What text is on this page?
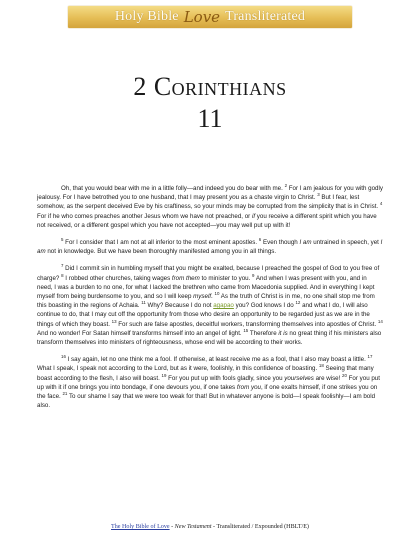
Holy Bible Love Transliterated
2 Corinthians
11

Oh, that you would bear with me in a little folly—and indeed you do bear with me. $^2$ For I am jealous for you with godly jealousy. For I have betrothed you to one husband, that I may present you as a chaste virgin to Christ. $^3$ But I fear, lest somehow, as the serpent deceived Eve by his craftiness, so your minds may be corrupted from the simplicity that is in Christ. $^4$ For if he who comes preaches another Jesus whom we have not preached, or if you receive a different spirit which you have not received, or a different gospel which you have not accepted—you may well put up with it!

$^5$ For I consider that I am not at all inferior to the most eminent apostles. $^6$ Even though I am untrained in speech, yet I am not in knowledge. But we have been thoroughly manifested among you in all things.

$^7$ Did I commit sin in humbling myself that you might be exalted, because I preached the gospel of God to you free of charge? $^8$ I robbed other churches, taking wages from them to minister to you. $^9$ And when I was present with you, and in need, I was a burden to no one, for what I lacked the brethren who came from Macedonia supplied. And in everything I kept myself from being burdensome to you, and so I will keep myself. $^{10}$ As the truth of Christ is in me, no one shall stop me from this boasting in the regions of Achaia. $^{11}$ Why? Because I do not agapao you? God knows I do $^{12}$ and what I do, I will also continue to do, that I may cut off the opportunity from those who desire an opportunity to be regarded just as we are in the things of which they boast. $^{13}$ For such are false apostles, deceitful workers, transforming themselves into apostles of Christ. $^{14}$ And no wonder! For Satan himself transforms himself into an angel of light. $^{15}$ Therefore it is no great thing if his ministers also transform themselves into ministers of righteousness, whose end will be according to their works.

$^{16}$ I say again, let no one think me a fool. If otherwise, at least receive me as a fool, that I also may boast a little. $^{17}$ What I speak, I speak not according to the Lord, but as it were, foolishly, in this confidence of boasting. $^{18}$ Seeing that many boast according to the flesh, I also will boast. $^{19}$ For you put up with fools gladly, since you yourselves are wise! $^{20}$ For you put up with it if one brings you into bondage, if one devours you, if one takes from you, if one exalts himself, if one strikes you on the face. $^{21}$ To our shame I say that we were too weak for that! But in whatever anyone is bold—I speak foolishly—I am bold also.

The Holy Bible of Love - New Testament - Transliterated / Expounded (HBLT/E)
